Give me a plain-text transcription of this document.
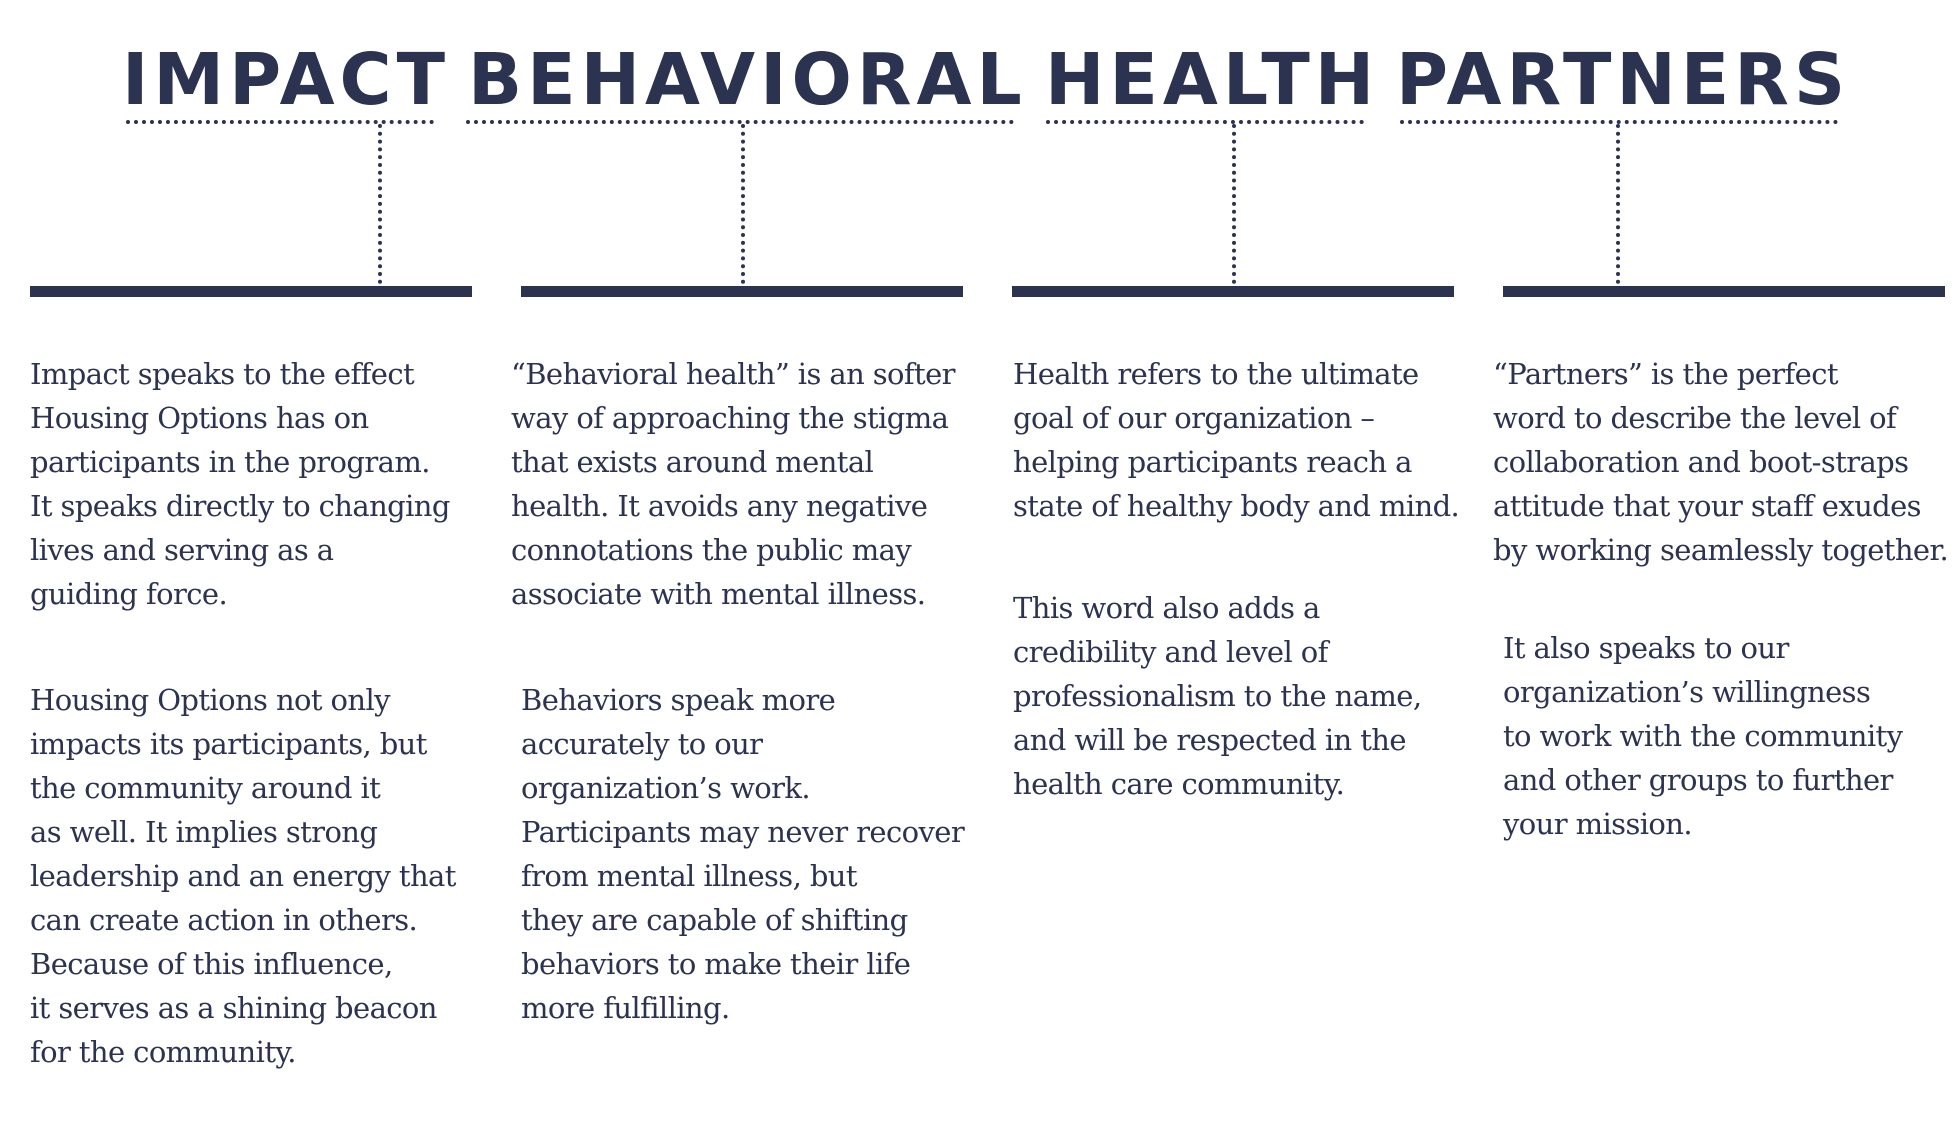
IMPACT BEHAVIORAL HEALTH PARTNERS

Impact speaks to the effect
Housing Options has on
participants in the program.
It speaks directly to changing
lives and serving as a
guiding force.

Housing Options not only
impacts its participants, but
the community around it
as well. It implies strong
leadership and an energy that
can create action in others.
Because of this influence,
it serves as a shining beacon
for the community.

“Behavioral health” is an softer
way of approaching the stigma
that exists around mental
health. It avoids any negative
connotations the public may
associate with mental illness.

Behaviors speak more
accurately to our
organization’s work.
Participants may never recover
from mental illness, but
they are capable of shifting
behaviors to make their life
more fulfilling.

Health refers to the ultimate
goal of our organization –
helping participants reach a
state of healthy body and mind.

This word also adds a
credibility and level of
professionalism to the name,
and will be respected in the
health care community.

“Partners” is the perfect
word to describe the level of
collaboration and boot-straps
attitude that your staff exudes
by working seamlessly together.

It also speaks to our
organization’s willingness
to work with the community
and other groups to further
your mission.
